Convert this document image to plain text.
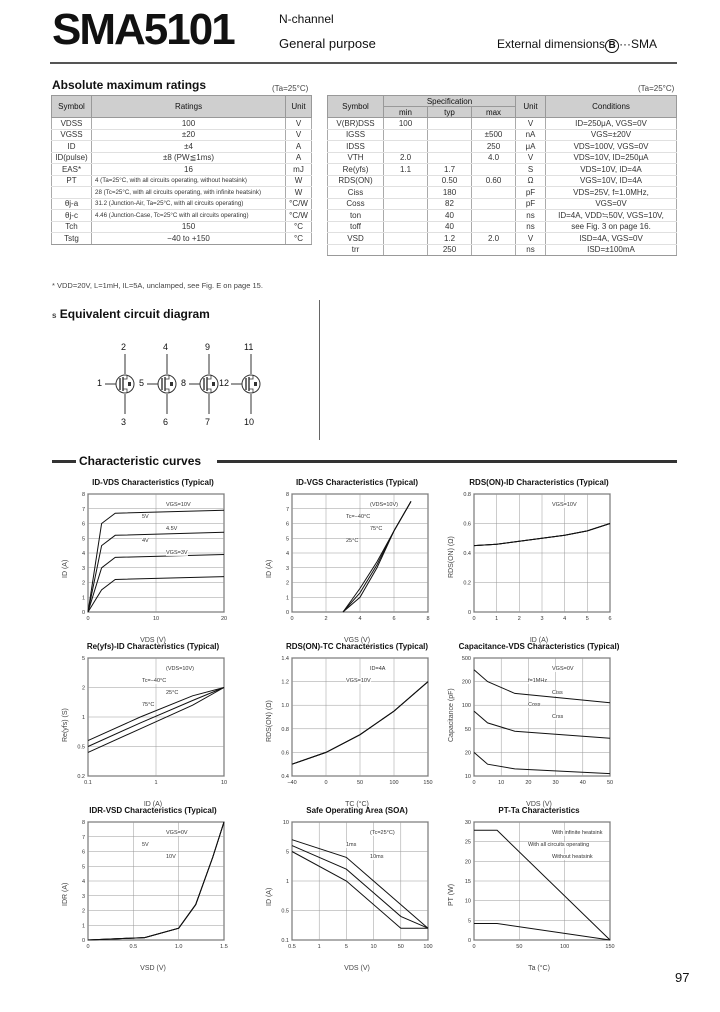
SMA5101	N-channel
General purpose	External dimensions B ···SMA
Absolute maximum ratings	(Ta=25°C)
Symbol	Ratings	Unit
VDSS	100	V
VGSS	±20	V
ID	±4	A
ID(pulse)	±8 (PW≦1ms)	A
EAS*	16	mJ
PT	4 (Ta=25°C, with all circuits operating, without heatsink)	W
	28 (Tc=25°C, with all circuits operating, with infinite heatsink)	W
θj-a	31.2 (Junction-Air, Ta=25°C, with all circuits operating)	°C/W
θj-c	4.46 (Junction-Case, Tc=25°C with all circuits operating)	°C/W
Tch	150	°C
Tstg	−40 to +150	°C
* VDD=20V, L=1mH, IL=5A, unclamped, see Fig. E on page 15.
(Ta=25°C)
Symbol	Specification			Unit	Conditions
	min	typ	max		
V(BR)DSS	100			V	ID=250μA, VGS=0V
IGSS			±500	nA	VGS=±20V
IDSS			250	μA	VDS=100V, VGS=0V
VTH	2.0		4.0	V	VDS=10V, ID=250μA
Re(yfs)	1.1	1.7		S	VDS=10V, ID=4A
RDS(ON)		0.50	0.60	Ω	VGS=10V, ID=4A
Ciss		180		pF	VDS=25V, f=1.0MHz,
Coss		82		pF	VGS=0V
ton		40		ns	ID=4A, VDD≒50V, VGS=10V,
toff		40		ns	see Fig. 3 on page 16.
VSD		1.2	2.0	V	ISD=4A, VGS=0V
trr		250		ns	ISD=±100mA
s Equivalent circuit diagram
2
1
3
4
5
6
9
8
7
11
12
10
Characteristic curves
ID-VDS Characteristics (Typical)
0	10	20
0
1
2
3
4
5
6
7
8
VGS=10V
5V
4.5V
4V
VGS=3V
VDS (V)
ID (A)
ID-VGS Characteristics (Typical)
0	2	4	6	8
0
1
2
3
4
5
6
7
8
(VDS=10V)
Tc=−40°C
75°C
25°C
VGS (V)
ID (A)
RDS(ON)-ID Characteristics (Typical)
0	1	2	3	4	5	6
0
0.2
0.4
0.6
0.8
VGS=10V
ID (A)
RDS(ON) (Ω)
Re(yfs)-ID Characteristics (Typical)
0.1	1	10
0.2
0.5
1
2
5
(VDS=10V)
Tc=−40°C
25°C
75°C
ID (A)
Re(yfs) (S)
RDS(ON)-TC Characteristics (Typical)
−40	0	50	100	150
0.4
0.6
0.8
1.0
1.2
1.4
ID=4A
VGS=10V
TC (°C)
RDS(ON) (Ω)
Capacitance-VDS Characteristics (Typical)
0	10	20	30	40	50
10
20
50
100
200
500
VGS=0V
f=1MHz
Ciss
Coss
Crss
VDS (V)
Capacitance (pF)
IDR-VSD Characteristics (Typical)
0	0.5	1.0	1.5
0
1
2
3
4
5
6
7
8
VGS=0V
5V
10V
VSD (V)
IDR (A)
Safe Operating Area (SOA)
0.5	1	5	10	50	100
0.1
0.5
1
5
10
(Tc=25°C)
1ms
10ms
VDS (V)
ID (A)
PT-Ta Characteristics
0	50	100	150
0
5
10
15
20
25
30
With infinite heatsink
With all circuits operating
Without heatsink
Ta (°C)
PT (W)
97
